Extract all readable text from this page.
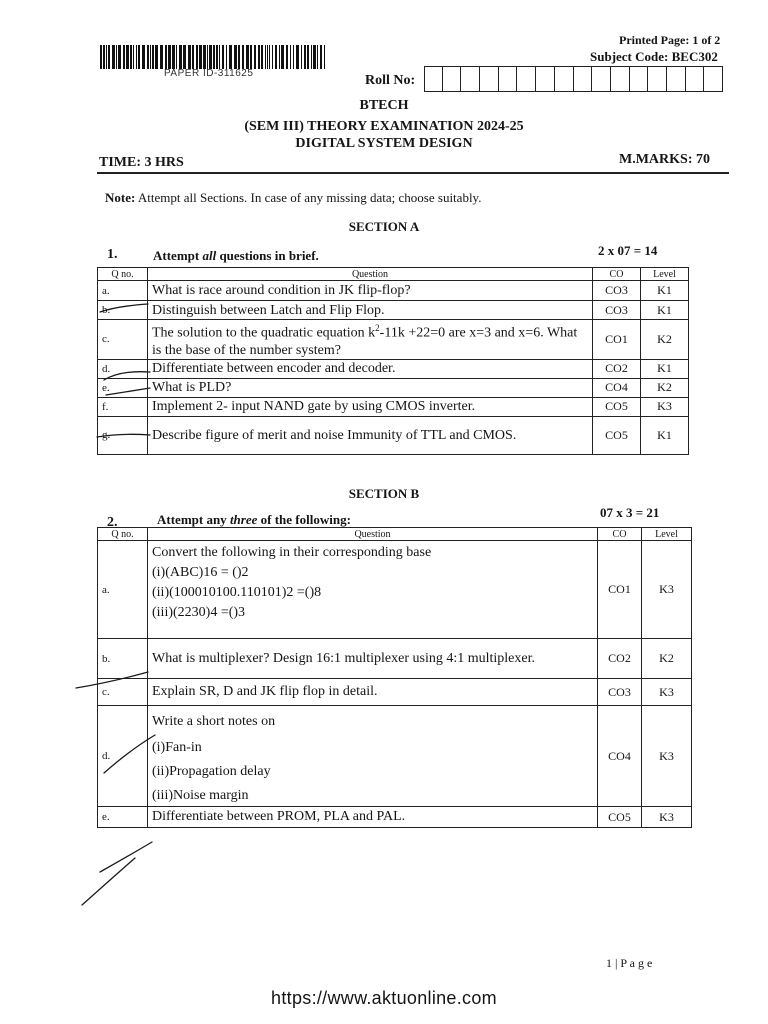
PAPER ID-311625
Printed Page: 1 of 2
Subject Code: BEC302
Roll No:
BTECH
(SEM III) THEORY EXAMINATION 2024-25
DIGITAL SYSTEM DESIGN
TIME: 3 HRS	M.MARKS: 70
Note: Attempt all Sections. In case of any missing data; choose suitably.
SECTION A
1.	Attempt all questions in brief.	2 x 07 = 14
Q no.	Question	CO	Level
a.	What is race around condition in JK flip-flop?	CO3	K1
b.	Distinguish between Latch and Flip Flop.	CO3	K1
c.	The solution to the quadratic equation $k^2-11k +22=0$ are x=3 and x=6. What is the base of the number system?	CO1	K2
d.	Differentiate between encoder and decoder.	CO2	K1
e.	What is PLD?	CO4	K2
f.	Implement 2- input NAND gate by using CMOS inverter.	CO5	K3
g.	Describe figure of merit and noise Immunity of TTL and CMOS.	CO5	K1
SECTION B
2.	Attempt any three of the following:	07 x 3 = 21
Q no.	Question	CO	Level
a.	Convert the following in their corresponding base
(i)(ABC)16 = ()2
(ii)(100010100.110101)2 =()8
(iii)(2230)4 =()3	CO1	K3
b.	What is multiplexer? Design 16:1 multiplexer using 4:1 multiplexer.	CO2	K2
c.	Explain SR, D and JK flip flop in detail.	CO3	K3
d.	Write a short notes on
(i)Fan-in
(ii)Propagation delay
(iii)Noise margin	CO4	K3
e.	Differentiate between PROM, PLA and PAL.	CO5	K3
1 | P a g e
https://www.aktuonline.com
